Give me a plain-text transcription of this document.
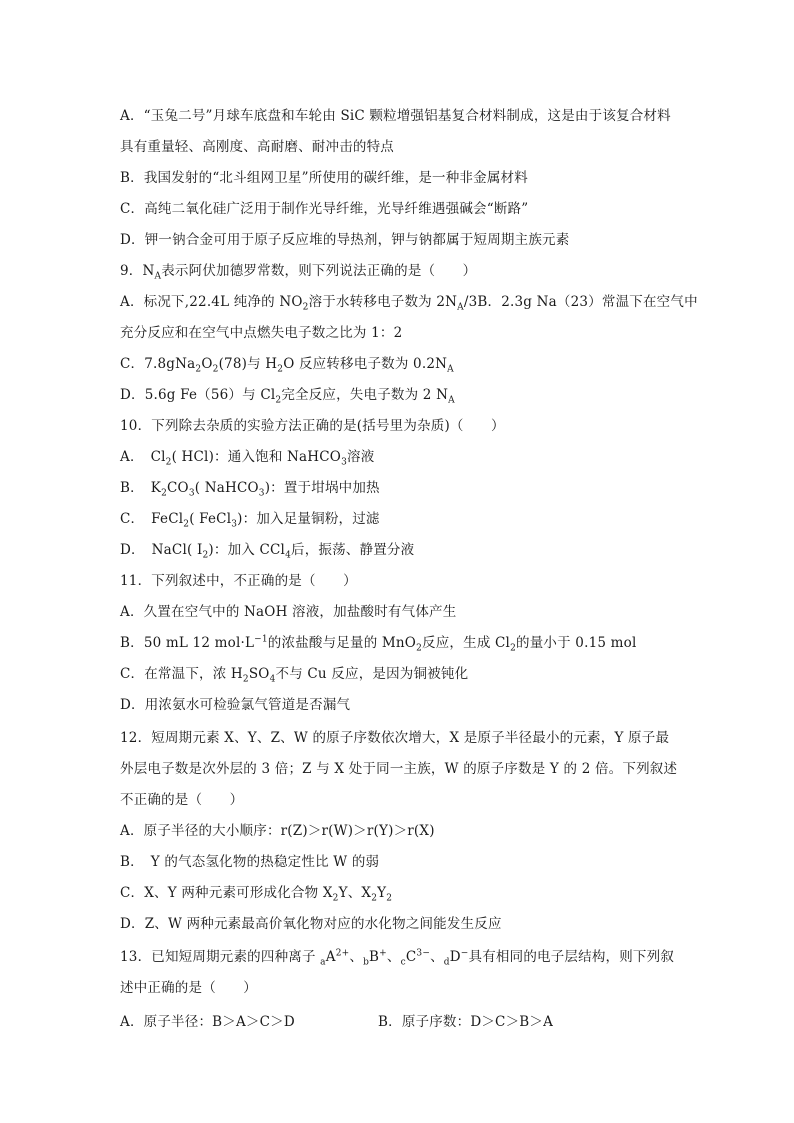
A．“玉兔二号”月球车底盘和车轮由 SiC 颗粒增强铝基复合材料制成，这是由于该复合材料
具有重量轻、高刚度、高耐磨、耐冲击的特点
B．我国发射的“北斗组网卫星”所使用的碳纤维，是一种非金属材料
C．高纯二氧化硅广泛用于制作光导纤维，光导纤维遇强碱会“断路”
D．钾一钠合金可用于原子反应堆的导热剂，钾与钠都属于短周期主族元素
9．$N_A$表示阿伏加德罗常数，则下列说法正确的是（　　）
A．标况下,22.4L 纯净的 $NO_2$溶于水转移电子数为 $2N_A/3B$．2.3g Na（23）常温下在空气中
充分反应和在空气中点燃失电子数之比为 1：2
C．$7.8gNa_2O_2(78)$与 $H_2O$ 反应转移电子数为 $0.2N_A$
D．5.6g Fe（56）与 $Cl_2$完全反应，失电子数为 2 $N_A$
10．下列除去杂质的实验方法正确的是(括号里为杂质)（　　）
A．　$Cl_2$( HCl)：通入饱和 NaHCO$_3$溶液
B．　$K_2CO_3$( NaHCO$_3$)：置于坩埚中加热
C．　FeCl$_2$( FeCl$_3$)：加入足量铜粉，过滤
D．　NaCl( $I_2$)：加入 CCl$_4$后，振荡、静置分液
11．下列叙述中，不正确的是（　　）
A．久置在空气中的 NaOH 溶液，加盐酸时有气体产生
B．50 mL 12 $mol\cdot L^{-1}$的浓盐酸与足量的 MnO$_2$反应，生成 $Cl_2$的量小于 0.15 mol
C．在常温下，浓 $H_2SO_4$不与 Cu 反应，是因为铜被钝化
D．用浓氨水可检验氯气管道是否漏气
12．短周期元素 X、Y、Z、W 的原子序数依次增大，X 是原子半径最小的元素，Y 原子最
外层电子数是次外层的 3 倍；Z 与 X 处于同一主族，W 的原子序数是 Y 的 2 倍。下列叙述
不正确的是（　　）
A．原子半径的大小顺序：r(Z)＞r(W)＞r(Y)＞r(X)
B．　Y 的气态氢化物的热稳定性比 W 的弱
C．X、Y 两种元素可形成化合物 $X_2Y$、$X_2Y_2$
D．Z、W 两种元素最高价氧化物对应的水化物之间能发生反应
13．已知短周期元素的四种离子 $_aA^{2+}$、$_b$B+、$_cC^{3-}$、$_d$D−具有相同的电子层结构，则下列叙
述中正确的是（　　）
A．原子半径：B＞A＞C＞D	B．原子序数：D＞C＞B＞A
